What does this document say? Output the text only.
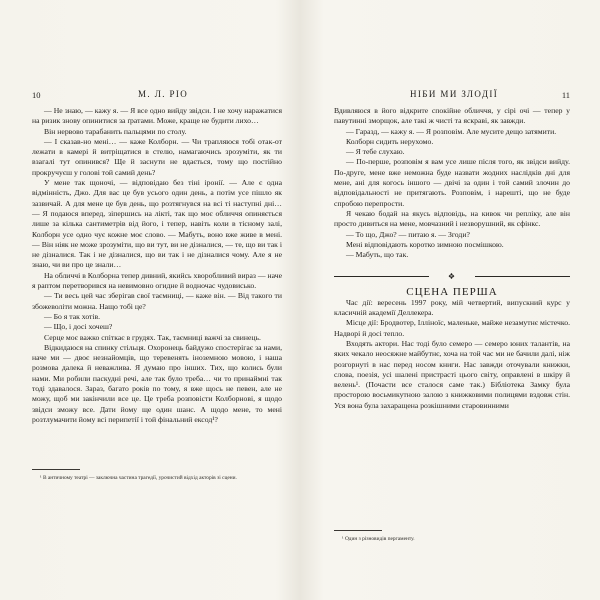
10	М. Л. РІО

— Не знаю, — кажу я. — Я все одно вийду звідси. І не хочу наражатися на ризик знову опинитися за ґратами. Може, краще не будити лихо…

Він нервово тарабанить пальцями по столу.

— І сказав-но мені… — каже Колборн. — Чи трапляюся тобі отак-от лежати в камері й витріщатися в стелю, намагаючись зрозуміти, як ти взагалі тут опинився? Ще й заснути не вдається, тому що постійно прокручуєш у голові той самий день?

У мене так щоночі, — відповідаю без тіні іронії. — Але є одна відмінність, Джо. Для вас це був усього один день, а потім усе пішло як зазвичай. А для мене це був день, що розтягнувся на всі ті наступні дні… — Я подаюся вперед, зіпершись на лікті, так що моє обличчя опиняється лише за кілька сантиметрів від його, і тепер, навіть коли в тісному залі, Колборн усе одно чує кожне моє слово. — Мабуть, воно вже живе в мені. — Він ніяк не може зрозуміти, що ви тут, ви не дізналися, — те, що ви так і не дізналися. Так і не дізналися, що ви так і не дізналися чому. Але я не знаю, чи ви про це знали…

На обличчі в Колборна тепер дивний, якийсь хворобливий вираз — наче я раптом перетворився на невимовно огидне й водночас чудовисько.

— Ти весь цей час зберігав свої таємниці, — каже він. — Від такого ти збожеволіти можна. Нащо тобі це?

— Бо я так хотів.

— Що, і досі хочеш?

Серце моє важко спіткає в грудях. Так, таємниці важчі за свинець.

Відкидаюся на спинку стільця. Охоронець байдужо спостерігає за нами, наче ми — двоє незнайомців, що теревенять іноземною мовою, і наша розмова далека й неважлива. Я думаю про інших. Тих, що колись були нами. Ми робили паскудні речі, але так було треба… чи то принаймні так тоді здавалося. Зараз, багато років по тому, я вже щось не певен, але не можу, щоб ми закінчили все це. Це треба розповісти Колборнові, я щодо звідси зможу все. Дати йому ще один шанс. А щодо мене, то мені розтлумачити йому всі перипетії і той фінальний ексод¹?

¹ В античному театрі — заключна частина трагедії, урочистий відхід акторів зі сцени.
НІБИ МИ ЗЛОДІЇ	11

Вдивляюся в його відкрите спокійне обличчя, у сірі очі — тепер у павутинні зморщок, але такі ж чисті та яскраві, як завжди.

— Гаразд, — кажу я. — Я розповім. Але мусите дещо затямити.

Колборн сидить нерухомо.

— Я тебе слухаю.

— По-перше, розповім я вам усе лише після того, як звідси вийду. По-друге, мене вже неможна буде назвати жодних наслідків дні для мене, ані для когось іншого — двічі за один і той самий злочин до відповідальності не притягають. Розповім, і нарешті, що не буде спробою перепрости.

Я чекаю бодай на якусь відповідь, на кивок чи репліку, але він просто дивиться на мене, мовчазний і незворушний, як сфінкс.

— То що, Джо? — питаю я. — Згоди?

Мені відповідають коротко зимною посмішкою.

— Мабуть, що так.

❖

СЦЕНА ПЕРША

Час дії: вересень 1997 року, мій четвертий, випускний курс у класичній академії Деллекера.

Місце дії: Бродвотер, Ілліноїс, маленьке, майже незамутнє містечко. Надворі й досі тепло.

Входять актори. Нас тоді було семеро — семеро юних талантів, на яких чекало неосяжне майбутнє, хоча на той час ми не бачили далі, ніж розгорнуті в нас перед носом книги. Нас завжди оточували книжки, слова, поезія, усі шалені пристрасті цього світу, оправлені в шкіру й велень¹. (Почасти все сталося саме так.) Бібліотека Замку була просторою восьмикутною залою з книжковими полицями вздовж стін. Уся вона була захаращена розкішними старовинними

¹ Один з різновидів пергаменту.
